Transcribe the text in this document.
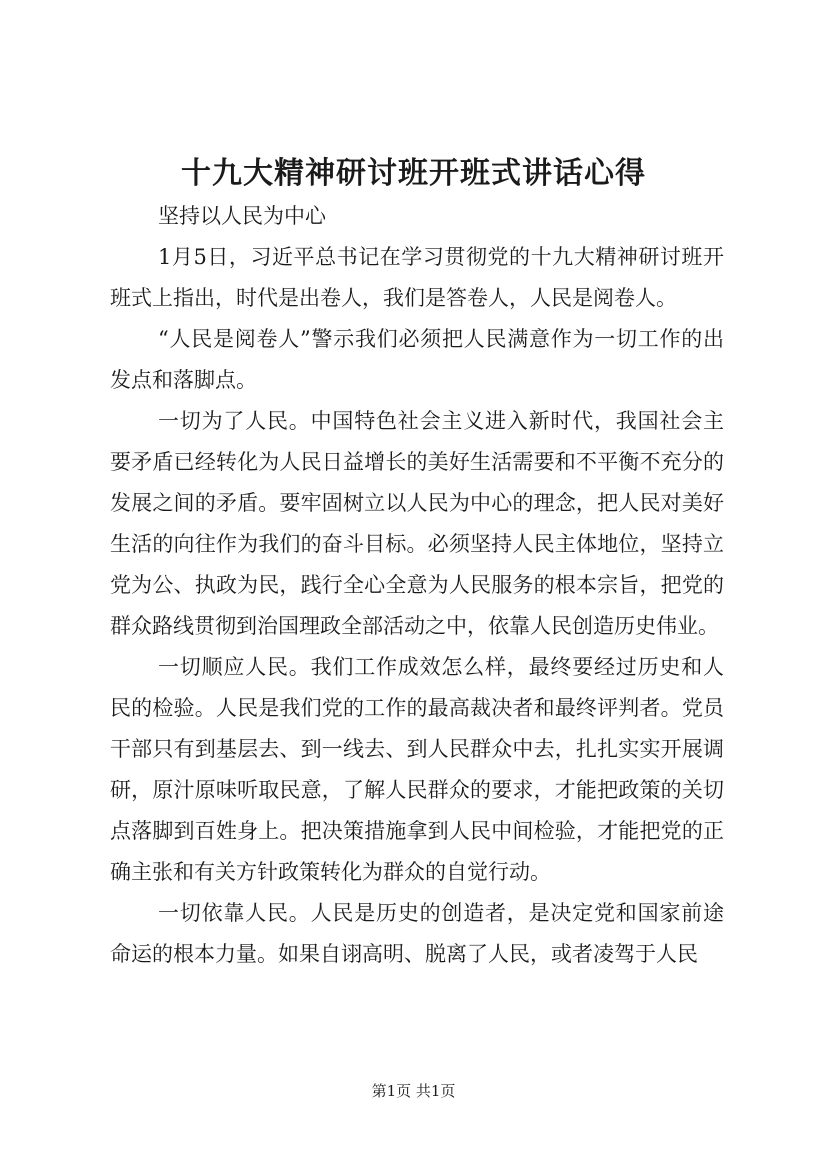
十九大精神研讨班开班式讲话心得

坚持以人民为中心

1月5日，习近平总书记在学习贯彻党的十九大精神研讨班开班式上指出，时代是出卷人，我们是答卷人，人民是阅卷人。

“人民是阅卷人”警示我们必须把人民满意作为一切工作的出发点和落脚点。

一切为了人民。中国特色社会主义进入新时代，我国社会主要矛盾已经转化为人民日益增长的美好生活需要和不平衡不充分的发展之间的矛盾。要牢固树立以人民为中心的理念，把人民对美好生活的向往作为我们的奋斗目标。必须坚持人民主体地位，坚持立党为公、执政为民，践行全心全意为人民服务的根本宗旨，把党的群众路线贯彻到治国理政全部活动之中，依靠人民创造历史伟业。

一切顺应人民。我们工作成效怎么样，最终要经过历史和人民的检验。人民是我们党的工作的最高裁决者和最终评判者。党员干部只有到基层去、到一线去、到人民群众中去，扎扎实实开展调研，原汁原味听取民意，了解人民群众的要求，才能把政策的关切点落脚到百姓身上。把决策措施拿到人民中间检验，才能把党的正确主张和有关方针政策转化为群众的自觉行动。

一切依靠人民。人民是历史的创造者，是决定党和国家前途命运的根本力量。如果自诩高明、脱离了人民，或者凌驾于人民

第1页 共1页
